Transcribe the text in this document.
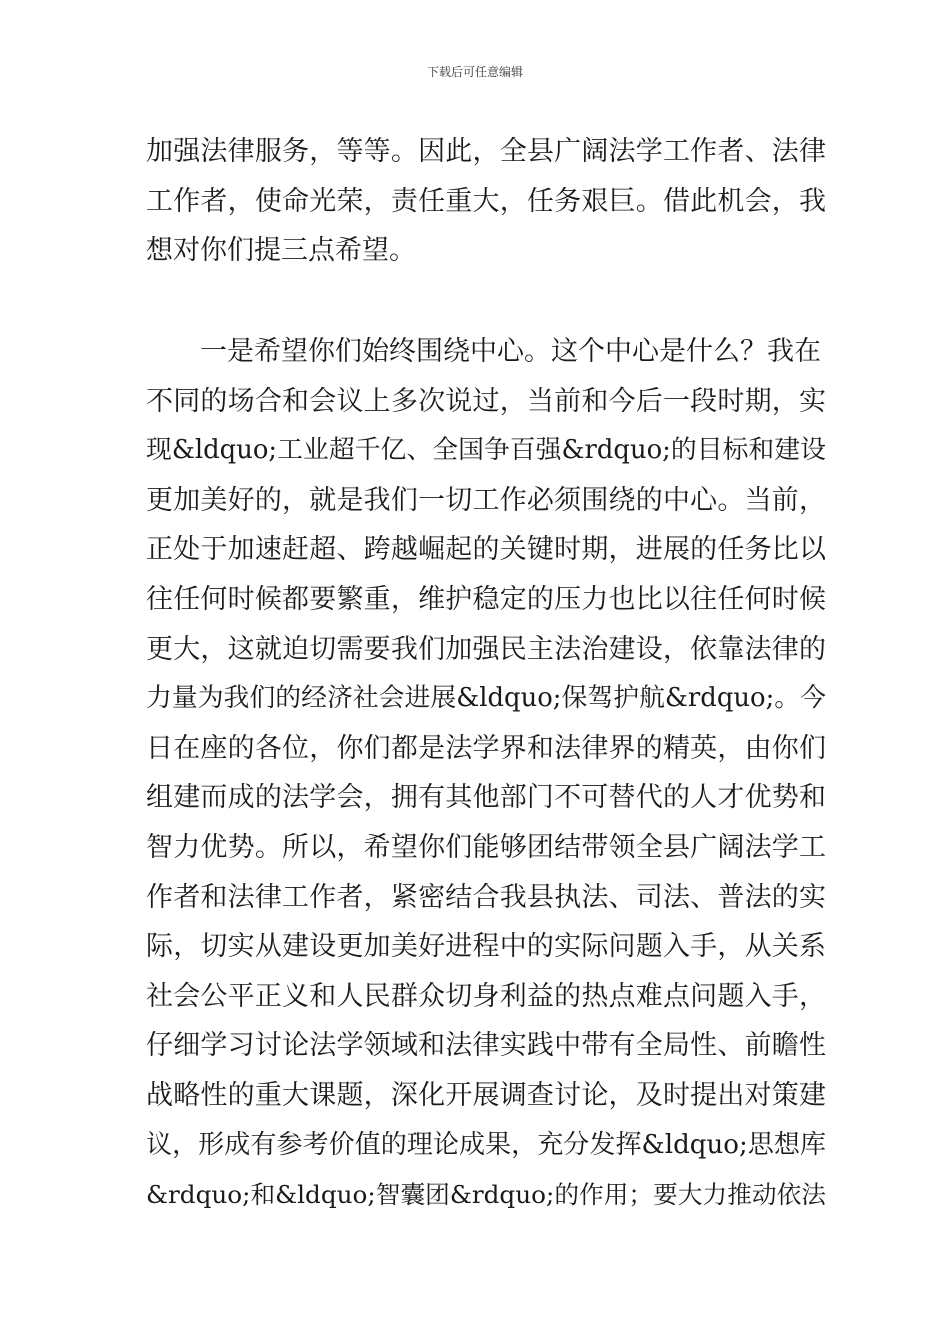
下载后可任意编辑
加强法律服务，等等。因此，全县广阔法学工作者、法律
工作者，使命光荣，责任重大，任务艰巨。借此机会，我
想对你们提三点希望。
　　一是希望你们始终围绕中心。这个中心是什么？我在
不同的场合和会议上多次说过，当前和今后一段时期，实
现&ldquo;工业超千亿、全国争百强&rdquo;的目标和建设
更加美好的，就是我们一切工作必须围绕的中心。当前，
正处于加速赶超、跨越崛起的关键时期，进展的任务比以
往任何时候都要繁重，维护稳定的压力也比以往任何时候
更大，这就迫切需要我们加强民主法治建设，依靠法律的
力量为我们的经济社会进展&ldquo;保驾护航&rdquo;。今
日在座的各位，你们都是法学界和法律界的精英，由你们
组建而成的法学会，拥有其他部门不可替代的人才优势和
智力优势。所以，希望你们能够团结带领全县广阔法学工
作者和法律工作者，紧密结合我县执法、司法、普法的实
际，切实从建设更加美好进程中的实际问题入手，从关系
社会公平正义和人民群众切身利益的热点难点问题入手，
仔细学习讨论法学领域和法律实践中带有全局性、前瞻性
战略性的重大课题，深化开展调查讨论，及时提出对策建
议，形成有参考价值的理论成果，充分发挥&ldquo;思想库
&rdquo;和&ldquo;智囊团&rdquo;的作用；要大力推动依法
